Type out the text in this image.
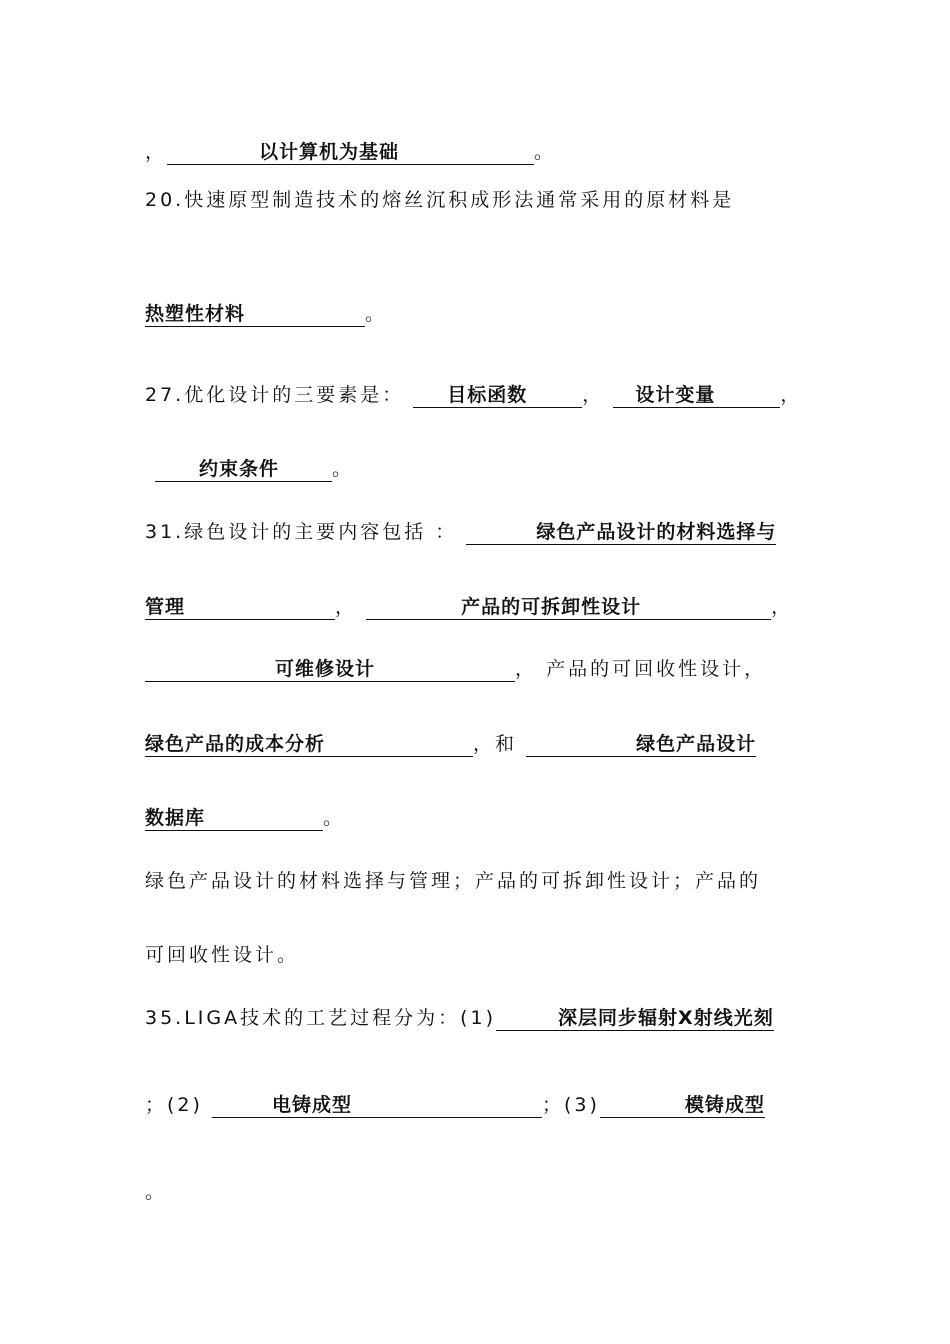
，	以计算机为基础	。
20.快速原型制造技术的熔丝沉积成形法通常采用的原材料是
热塑性材料	。
27.优化设计的三要素是： 目标函数	， 设计变量	，
约束条件	。
31.绿色设计的主要内容包括 ：	绿色产品设计的材料选择与
管理	，	产品的可拆卸性设计	，
可维修设计	， 产品的可回收性设计，
绿色产品的成本分析	，和	绿色产品设计
数据库	。
绿色产品设计的材料选择与管理；产品的可拆卸性设计；产品的
可回收性设计。
35.LIGA技术的工艺过程分为：(1)	深层同步辐射X射线光刻
；(2)	电铸成型	；(3)	模铸成型
。
